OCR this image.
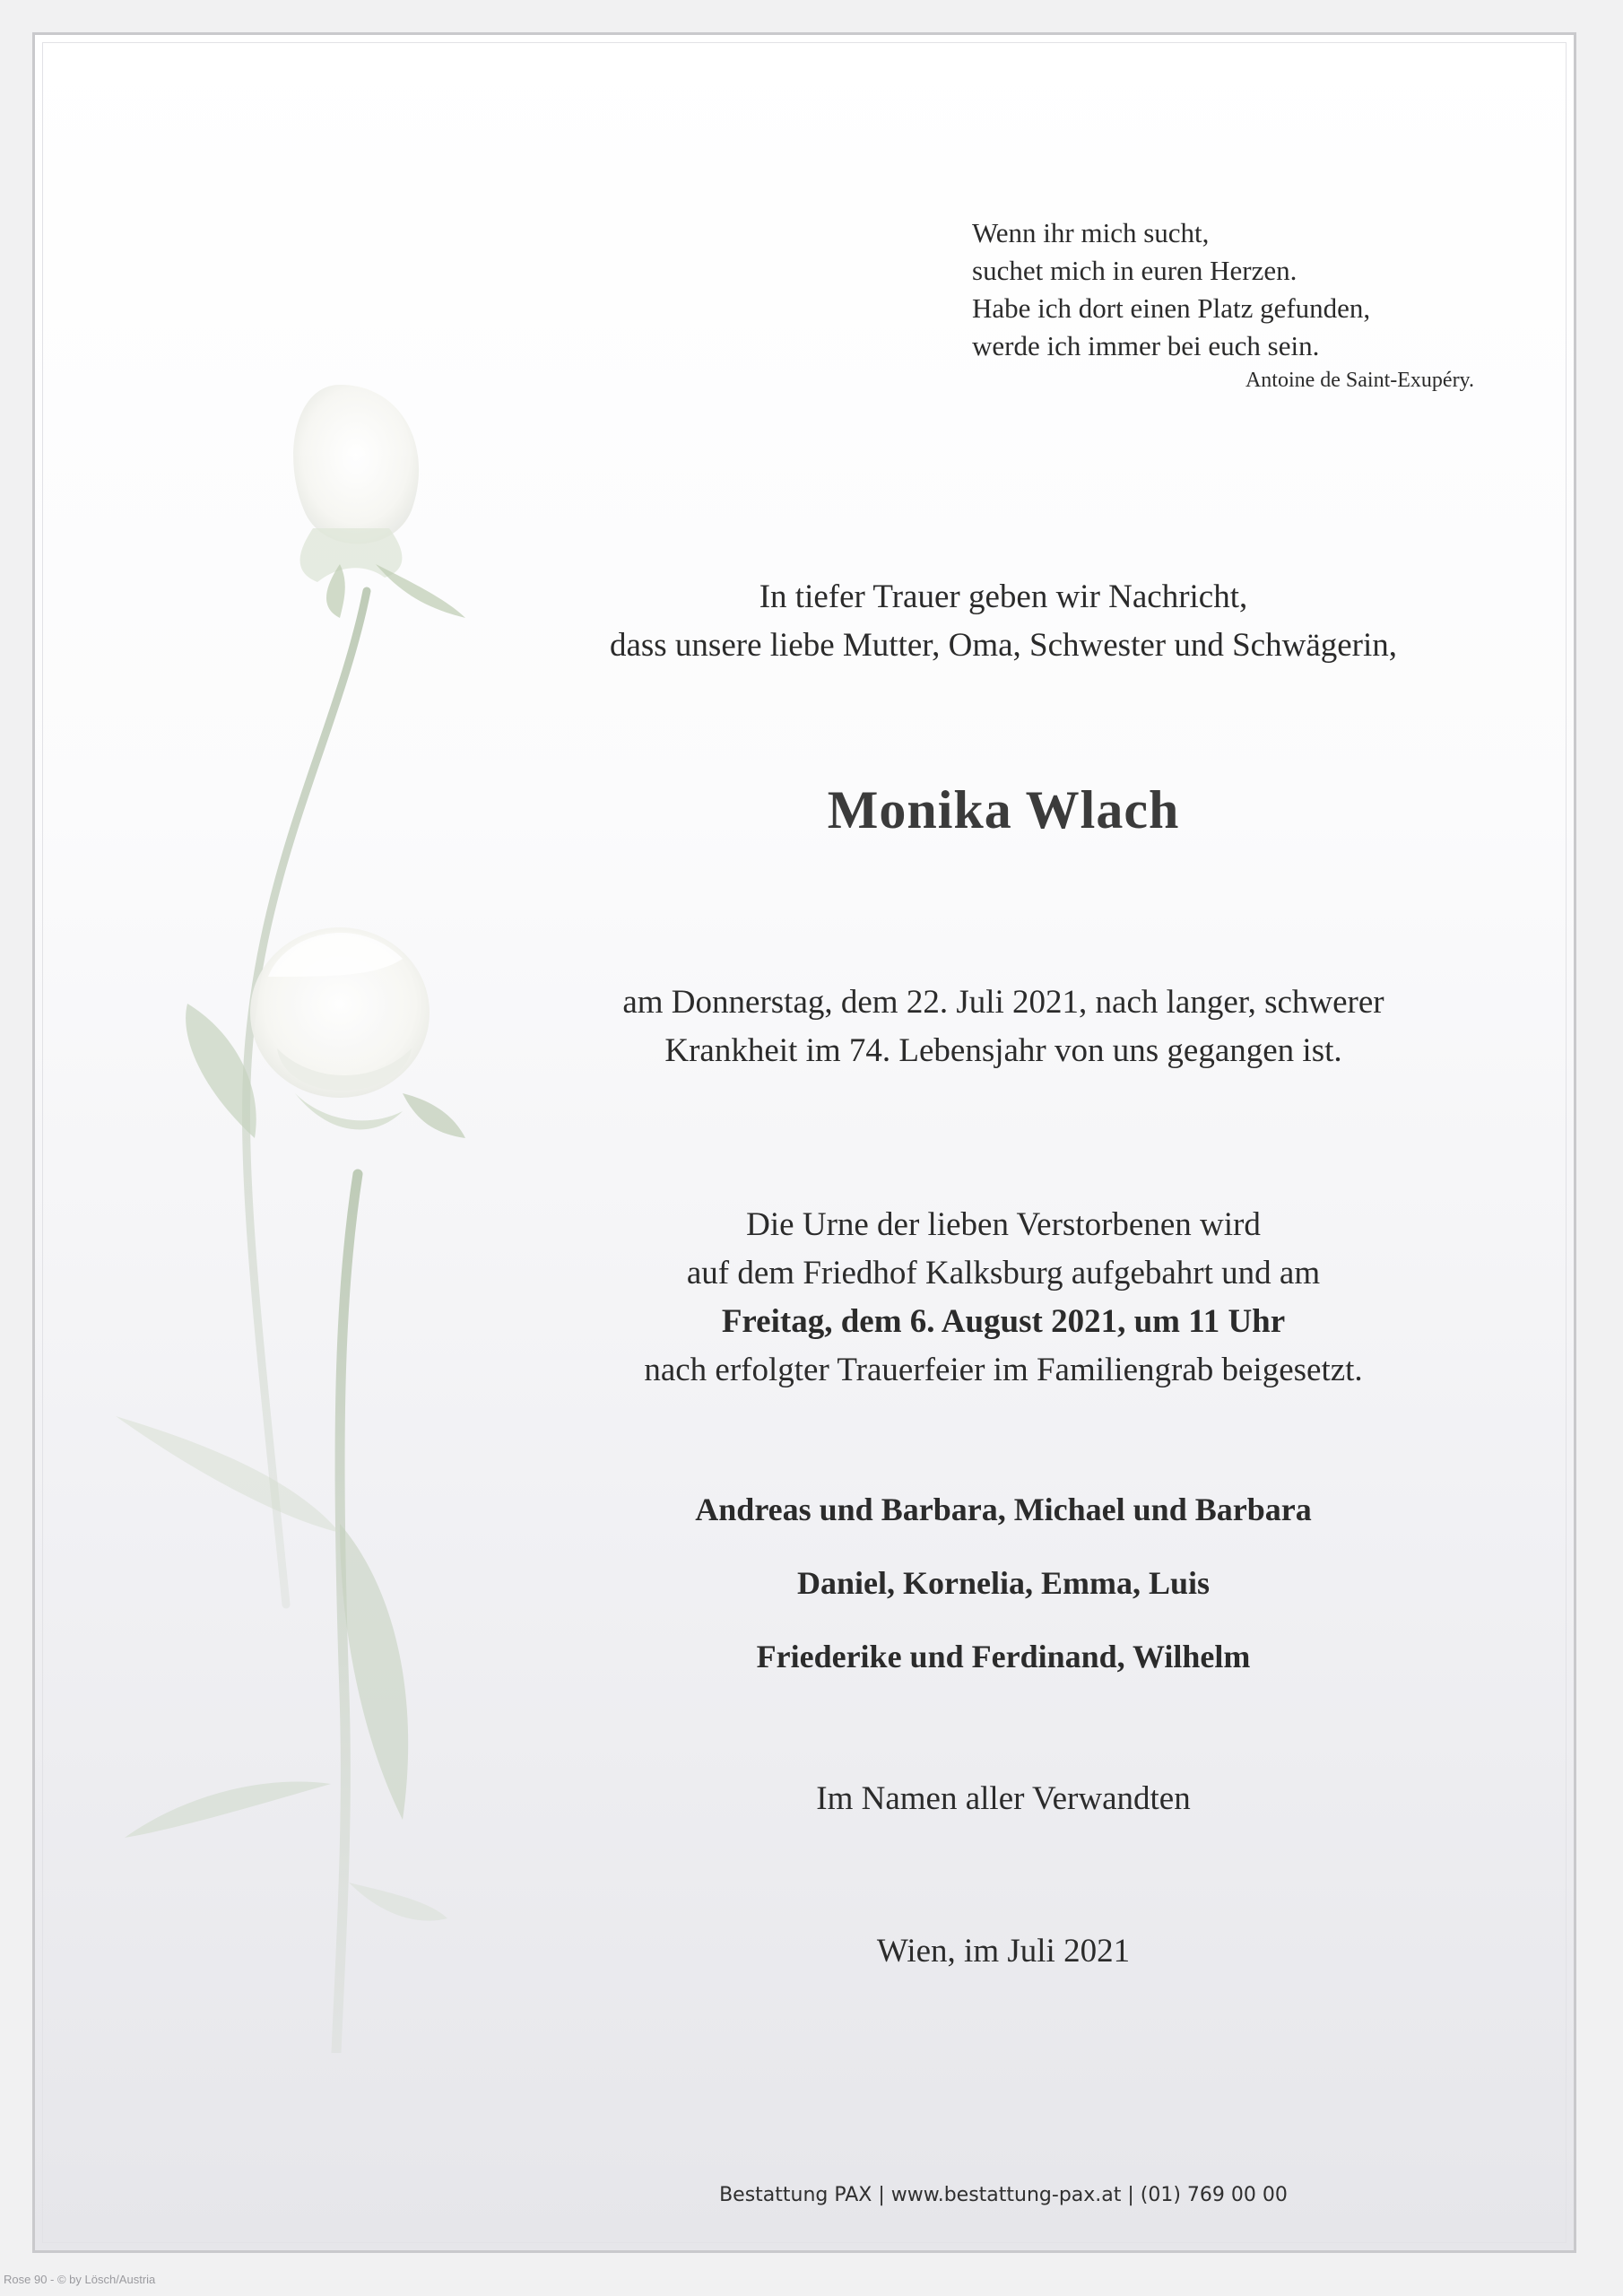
Wenn ihr mich sucht,
suchet mich in euren Herzen.
Habe ich dort einen Platz gefunden,
werde ich immer bei euch sein.
Antoine de Saint-Exupéry.
In tiefer Trauer geben wir Nachricht,
dass unsere liebe Mutter, Oma, Schwester und Schwägerin,
Monika Wlach
am Donnerstag, dem 22. Juli 2021, nach langer, schwerer
Krankheit im 74. Lebensjahr von uns gegangen ist.
Die Urne der lieben Verstorbenen wird
auf dem Friedhof Kalksburg aufgebahrt und am
Freitag, dem 6. August 2021, um 11 Uhr
nach erfolgter Trauerfeier im Familiengrab beigesetzt.
Andreas und Barbara, Michael und Barbara
Daniel, Kornelia, Emma, Luis
Friederike und Ferdinand, Wilhelm
Im Namen aller Verwandten
Wien, im Juli 2021
Bestattung PAX | www.bestattung-pax.at | (01) 769 00 00
Rose 90 - © by Lösch/Austria
